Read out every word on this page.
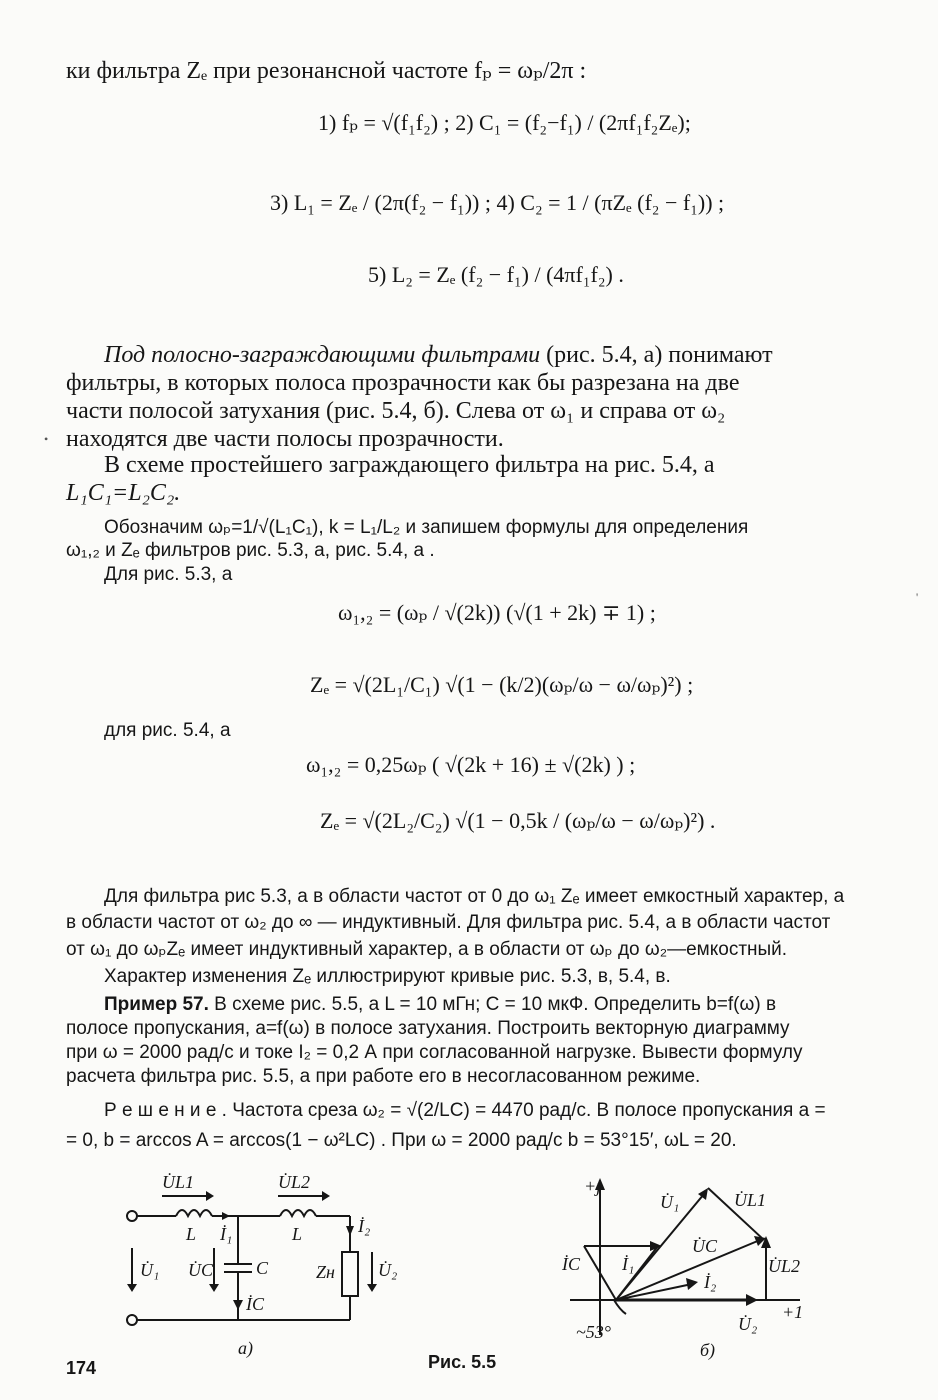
ки фильтра Zₑ при резонансной частоте fₚ = ωₚ/2π :
1) fₚ = √(f₁f₂) ; 2) C₁ = (f₂−f₁) / (2πf₁f₂Zₑ);
3) L₁ = Zₑ / (2π(f₂ − f₁)) ; 4) C₂ = 1 / (πZₑ (f₂ − f₁)) ;
5) L₂ = Zₑ (f₂ − f₁) / (4πf₁f₂) .
Под полосно-заграждающими фильтрами (рис. 5.4, а) понимают
фильтры, в которых полоса прозрачности как бы разрезана на две
части полосой затухания (рис. 5.4, б). Слева от ω₁ и справа от ω₂
находятся две части полосы прозрачности.
•
В схеме простейшего заграждающего фильтра на рис. 5.4, а
L₁C₁=L₂C₂.
Обозначим ωₚ=1/√(L₁C₁), k = L₁/L₂ и запишем формулы для определения
ω₁,₂ и Zₑ фильтров рис. 5.3, а, рис. 5.4, а .
Для рис. 5.3, а
ω₁,₂ = (ωₚ / √(2k)) (√(1 + 2k) ∓ 1) ;
Zₑ = √(2L₁/C₁) √(1 − (k/2)(ωₚ/ω − ω/ωₚ)²) ;
'
для рис. 5.4, а
ω₁,₂ = 0,25ωₚ ( √(2k + 16) ± √(2k) ) ;
Zₑ = √(2L₂/C₂) √(1 − 0,5k / (ωₚ/ω − ω/ωₚ)²) .
Для фильтра рис 5.3, а в области частот от 0 до ω₁ Zₑ имеет емкостный характер, а
в области частот от ω₂ до ∞ — индуктивный. Для фильтра рис. 5.4, а в области частот
от ω₁ до ωₚZₑ имеет индуктивный характер, а в области от ωₚ до ω₂—емкостный.
Характер изменения Zₑ иллюстрируют кривые рис. 5.3, в, 5.4, в.
Пример 57. В схеме рис. 5.5, а L = 10 мГн; C = 10 мкФ. Определить b=f(ω) в
полосе пропускания, a=f(ω) в полосе затухания. Построить векторную диаграмму
при ω = 2000 рад/с и токе I₂ = 0,2 А при согласованной нагрузке. Вывести формулу
расчета фильтра рис. 5.5, а при работе его в несогласованном режиме.
Р е ш е н и е . Частота среза ω₂ = √(2/LC) = 4470 рад/с. В полосе пропускания a =
= 0, b = arccos A = arccos(1 − ω²LC) . При ω = 2000 рад/с b = 53°15′, ωL = 20.
U̇L1	U̇L2
L	L
İ₁	İ₂
U̇₁ U̇C C	Zн U̇₂
İC
а)
+j
U̇₁	U̇L1
U̇C
İC İ₁
İ₂
U̇L2
U̇₂
+1
~53°
б)
174	Рис. 5.5
